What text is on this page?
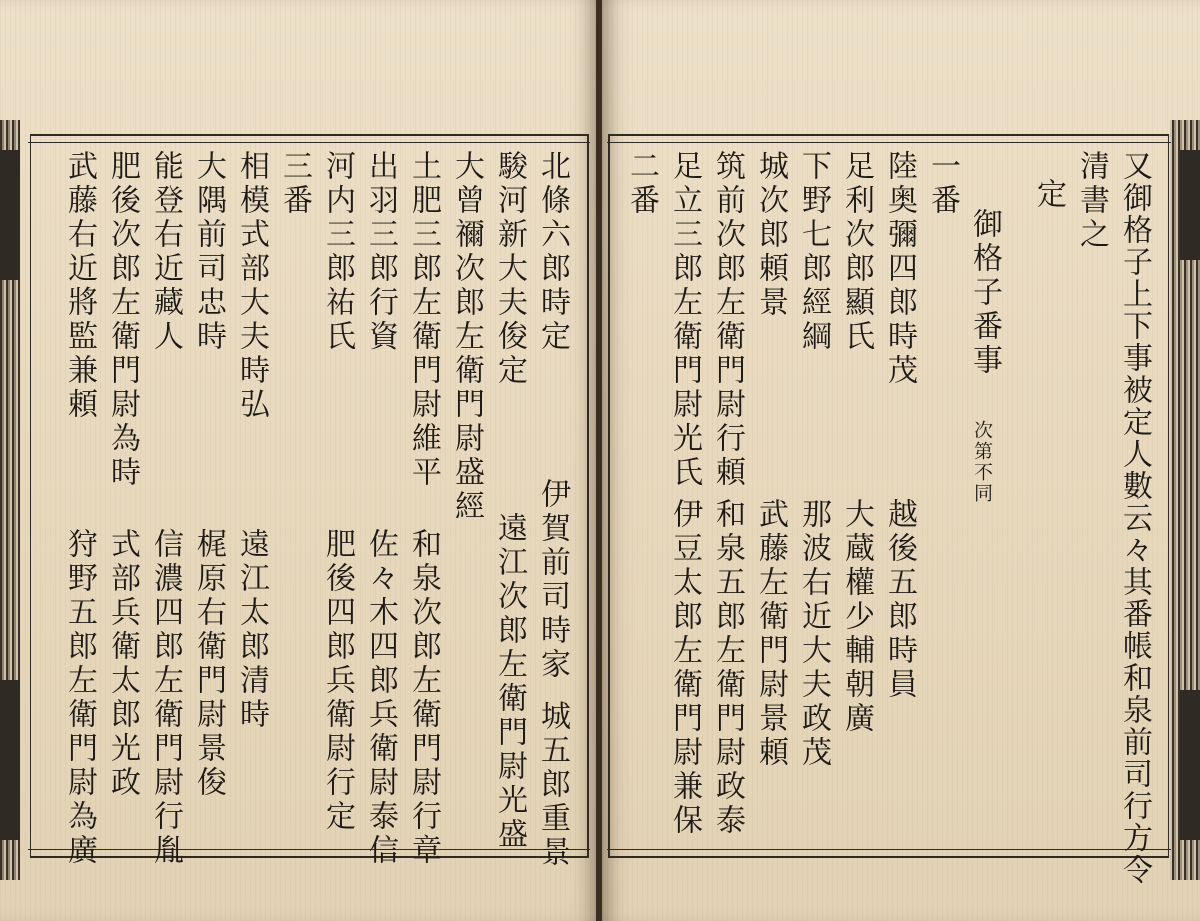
北條六郎時定
伊賀前司時家
城五郎重景
駿河新大夫俊定
遠江次郎左衛門尉光盛
大曾禰次郎左衛門尉盛經
土肥三郎左衛門尉維平
和泉次郎左衛門尉行章
出羽三郎行資
佐々木四郎兵衛尉泰信
河内三郎祐氏
肥後四郎兵衛尉行定
三番
相模式部大夫時弘
遠江太郎清時
大隅前司忠時
梶原右衛門尉景俊
能登右近藏人
信濃四郎左衛門尉行胤
肥後次郎左衛門尉為時
式部兵衛太郎光政
武藤右近將監兼頼
狩野五郎左衛門尉為廣	又御格子上下事被定人數云々其番帳和泉前司行方令
清書之
定
御格子番事
次第不同
一番
陸奥彌四郎時茂
越後五郎時員
足利次郎顯氏
大蔵權少輔朝廣
下野七郎經綱
那波右近大夫政茂
城次郎頼景
武藤左衛門尉景頼
筑前次郎左衛門尉行頼
和泉五郎左衛門尉政泰
足立三郎左衛門尉光氏
伊豆太郎左衛門尉兼保
二番
